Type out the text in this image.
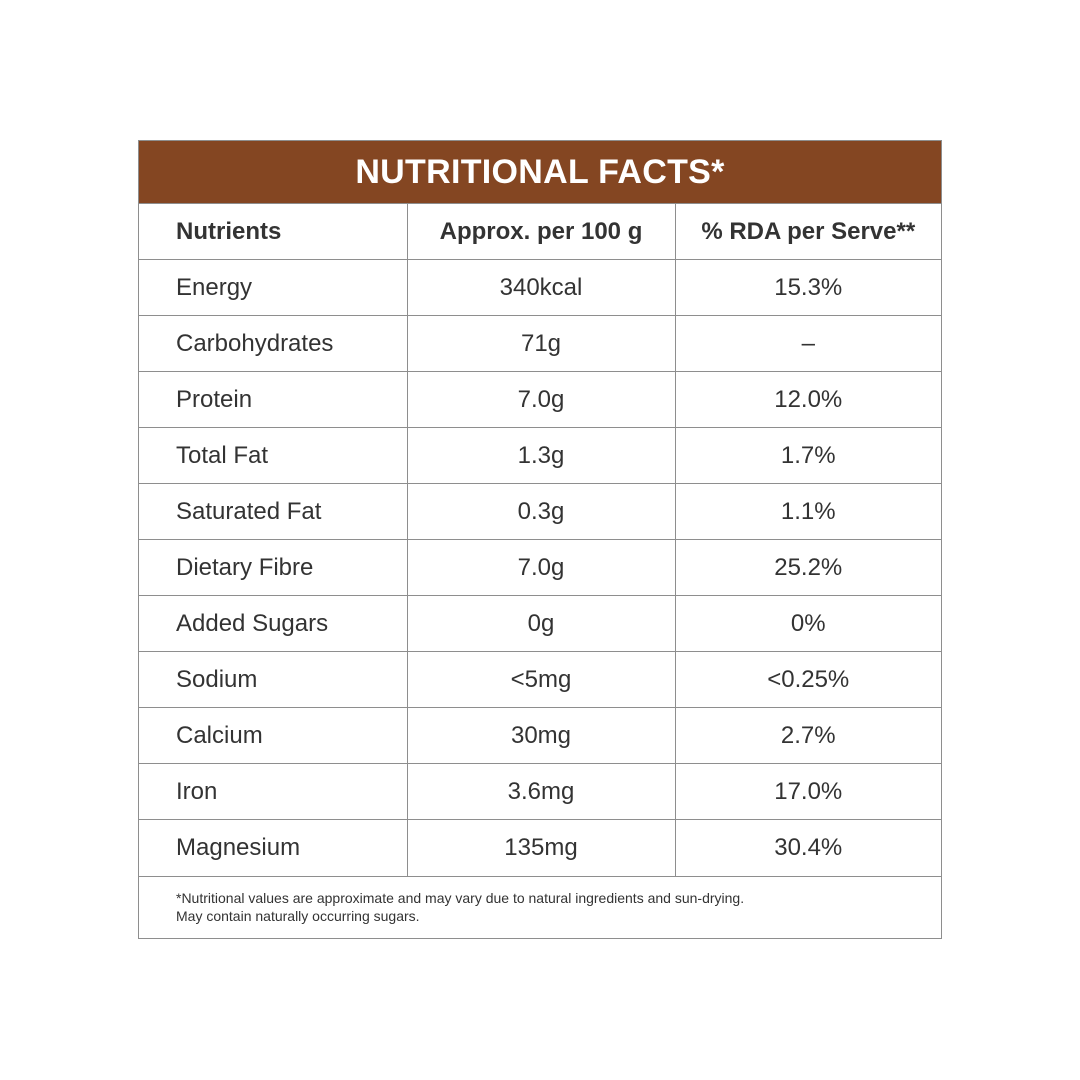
NUTRITIONAL FACTS*
Nutrients	Approx. per 100 g	% RDA per Serve**
Energy	340kcal	15.3%
Carbohydrates	71g	–
Protein	7.0g	12.0%
Total Fat	1.3g	1.7%
Saturated Fat	0.3g	1.1%
Dietary Fibre	7.0g	25.2%
Added Sugars	0g	0%
Sodium	<5mg	<0.25%
Calcium	30mg	2.7%
Iron	3.6mg	17.0%
Magnesium	135mg	30.4%
*Nutritional values are approximate and may vary due to natural ingredients and sun-drying.
May contain naturally occurring sugars.
